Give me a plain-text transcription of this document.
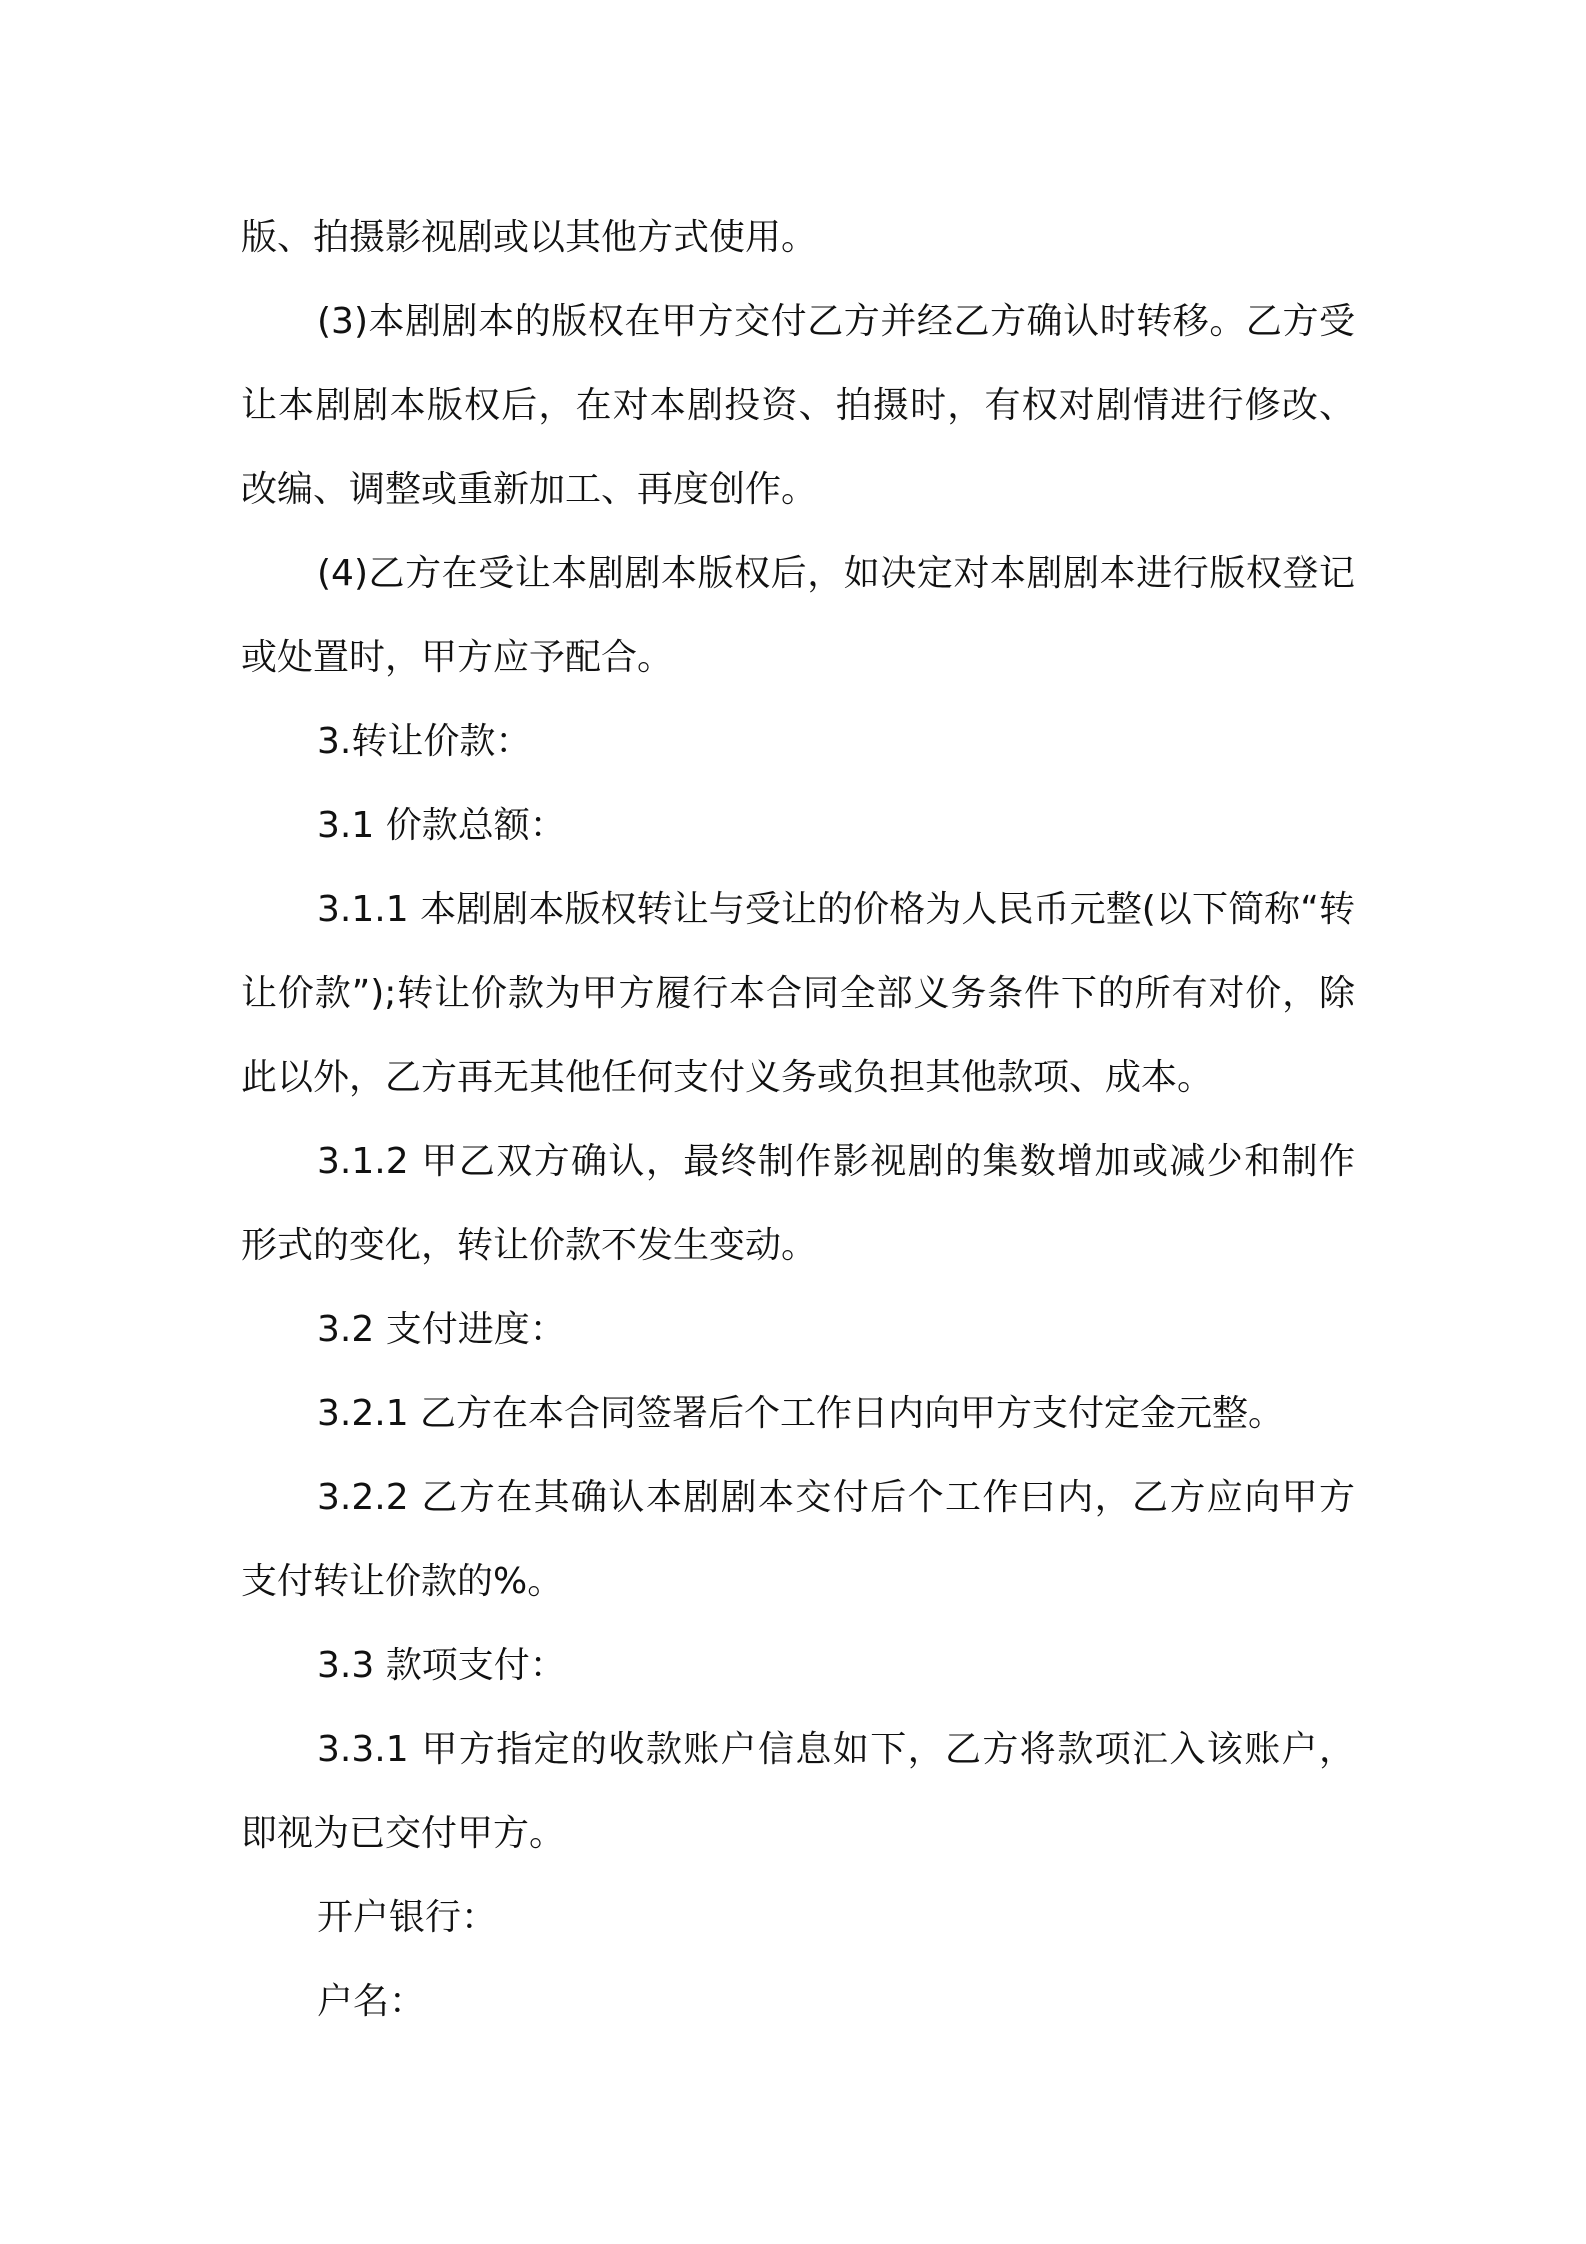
版、拍摄影视剧或以其他方式使用。

(3)本剧剧本的版权在甲方交付乙方并经乙方确认时转移。乙方受让本剧剧本版权后，在对本剧投资、拍摄时，有权对剧情进行修改、改编、调整或重新加工、再度创作。

(4)乙方在受让本剧剧本版权后，如决定对本剧剧本进行版权登记或处置时，甲方应予配合。

3.转让价款：

3.1 价款总额：

3.1.1 本剧剧本版权转让与受让的价格为人民币元整(以下简称“转让价款”);转让价款为甲方履行本合同全部义务条件下的所有对价，除此以外，乙方再无其他任何支付义务或负担其他款项、成本。

3.1.2 甲乙双方确认，最终制作影视剧的集数增加或减少和制作形式的变化，转让价款不发生变动。

3.2 支付进度：

3.2.1 乙方在本合同签署后个工作日内向甲方支付定金元整。

3.2.2 乙方在其确认本剧剧本交付后个工作曰内，乙方应向甲方支付转让价款的%。

3.3 款项支付：

3.3.1 甲方指定的收款账户信息如下，乙方将款项汇入该账户，即视为已交付甲方。

开户银行：

户名：
